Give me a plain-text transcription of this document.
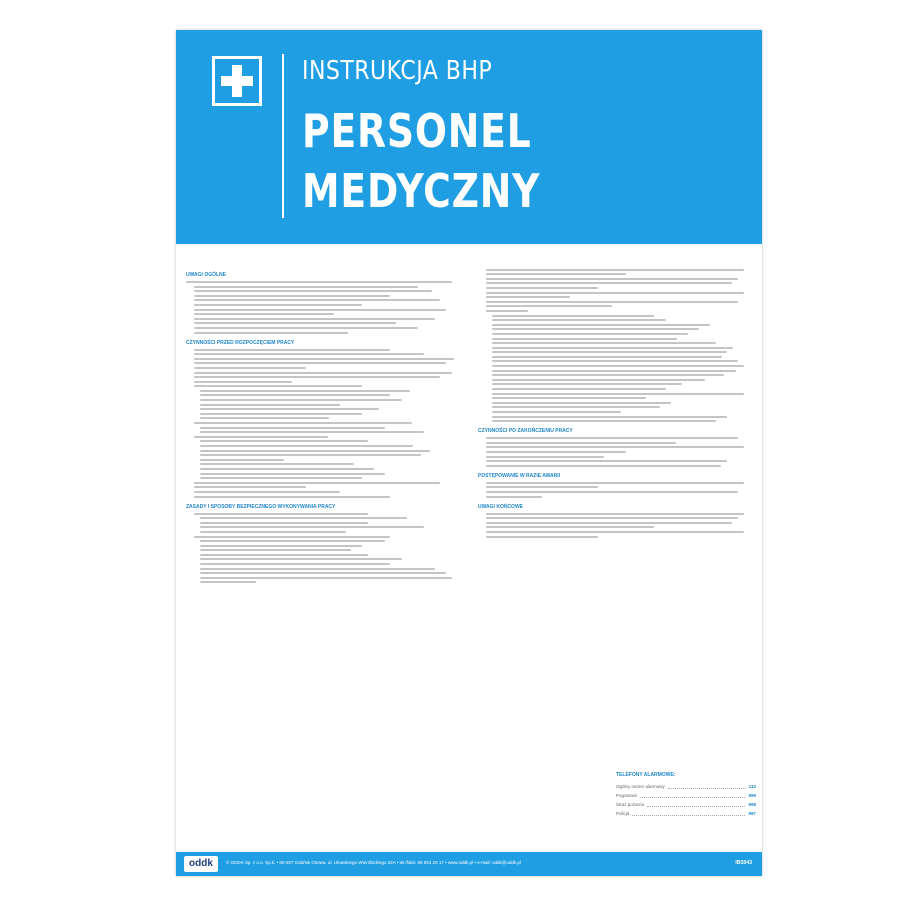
INSTRUKCJA BHP
PERSONEL
MEDYCZNY
UWAGI OGÓLNE
CZYNNOŚCI PRZED ROZPOCZĘCIEM PRACY
ZASADY I SPOSOBY BEZPIECZNEGO WYKONYWANIA PRACY
CZYNNOŚCI PO ZAKOŃCZENIU PRACY
POSTĘPOWANIE W RAZIE AWARII
UWAGI KOŃCOWE
TELEFONY ALARMOWE:
Ogólny numer alarmowy	112
Pogotowie	999
Straż pożarna	998
Policja	997
oddk	© ODDK Sp. z o.o. Sp.k. • 80-297 Gdańsk Osowa, ul. Ułowskiego-Wierzbickiego 32A • tel./faks: 58 554 20 17 • www.oddk.pl • e-mail: oddk@oddk.pl	IBS043
